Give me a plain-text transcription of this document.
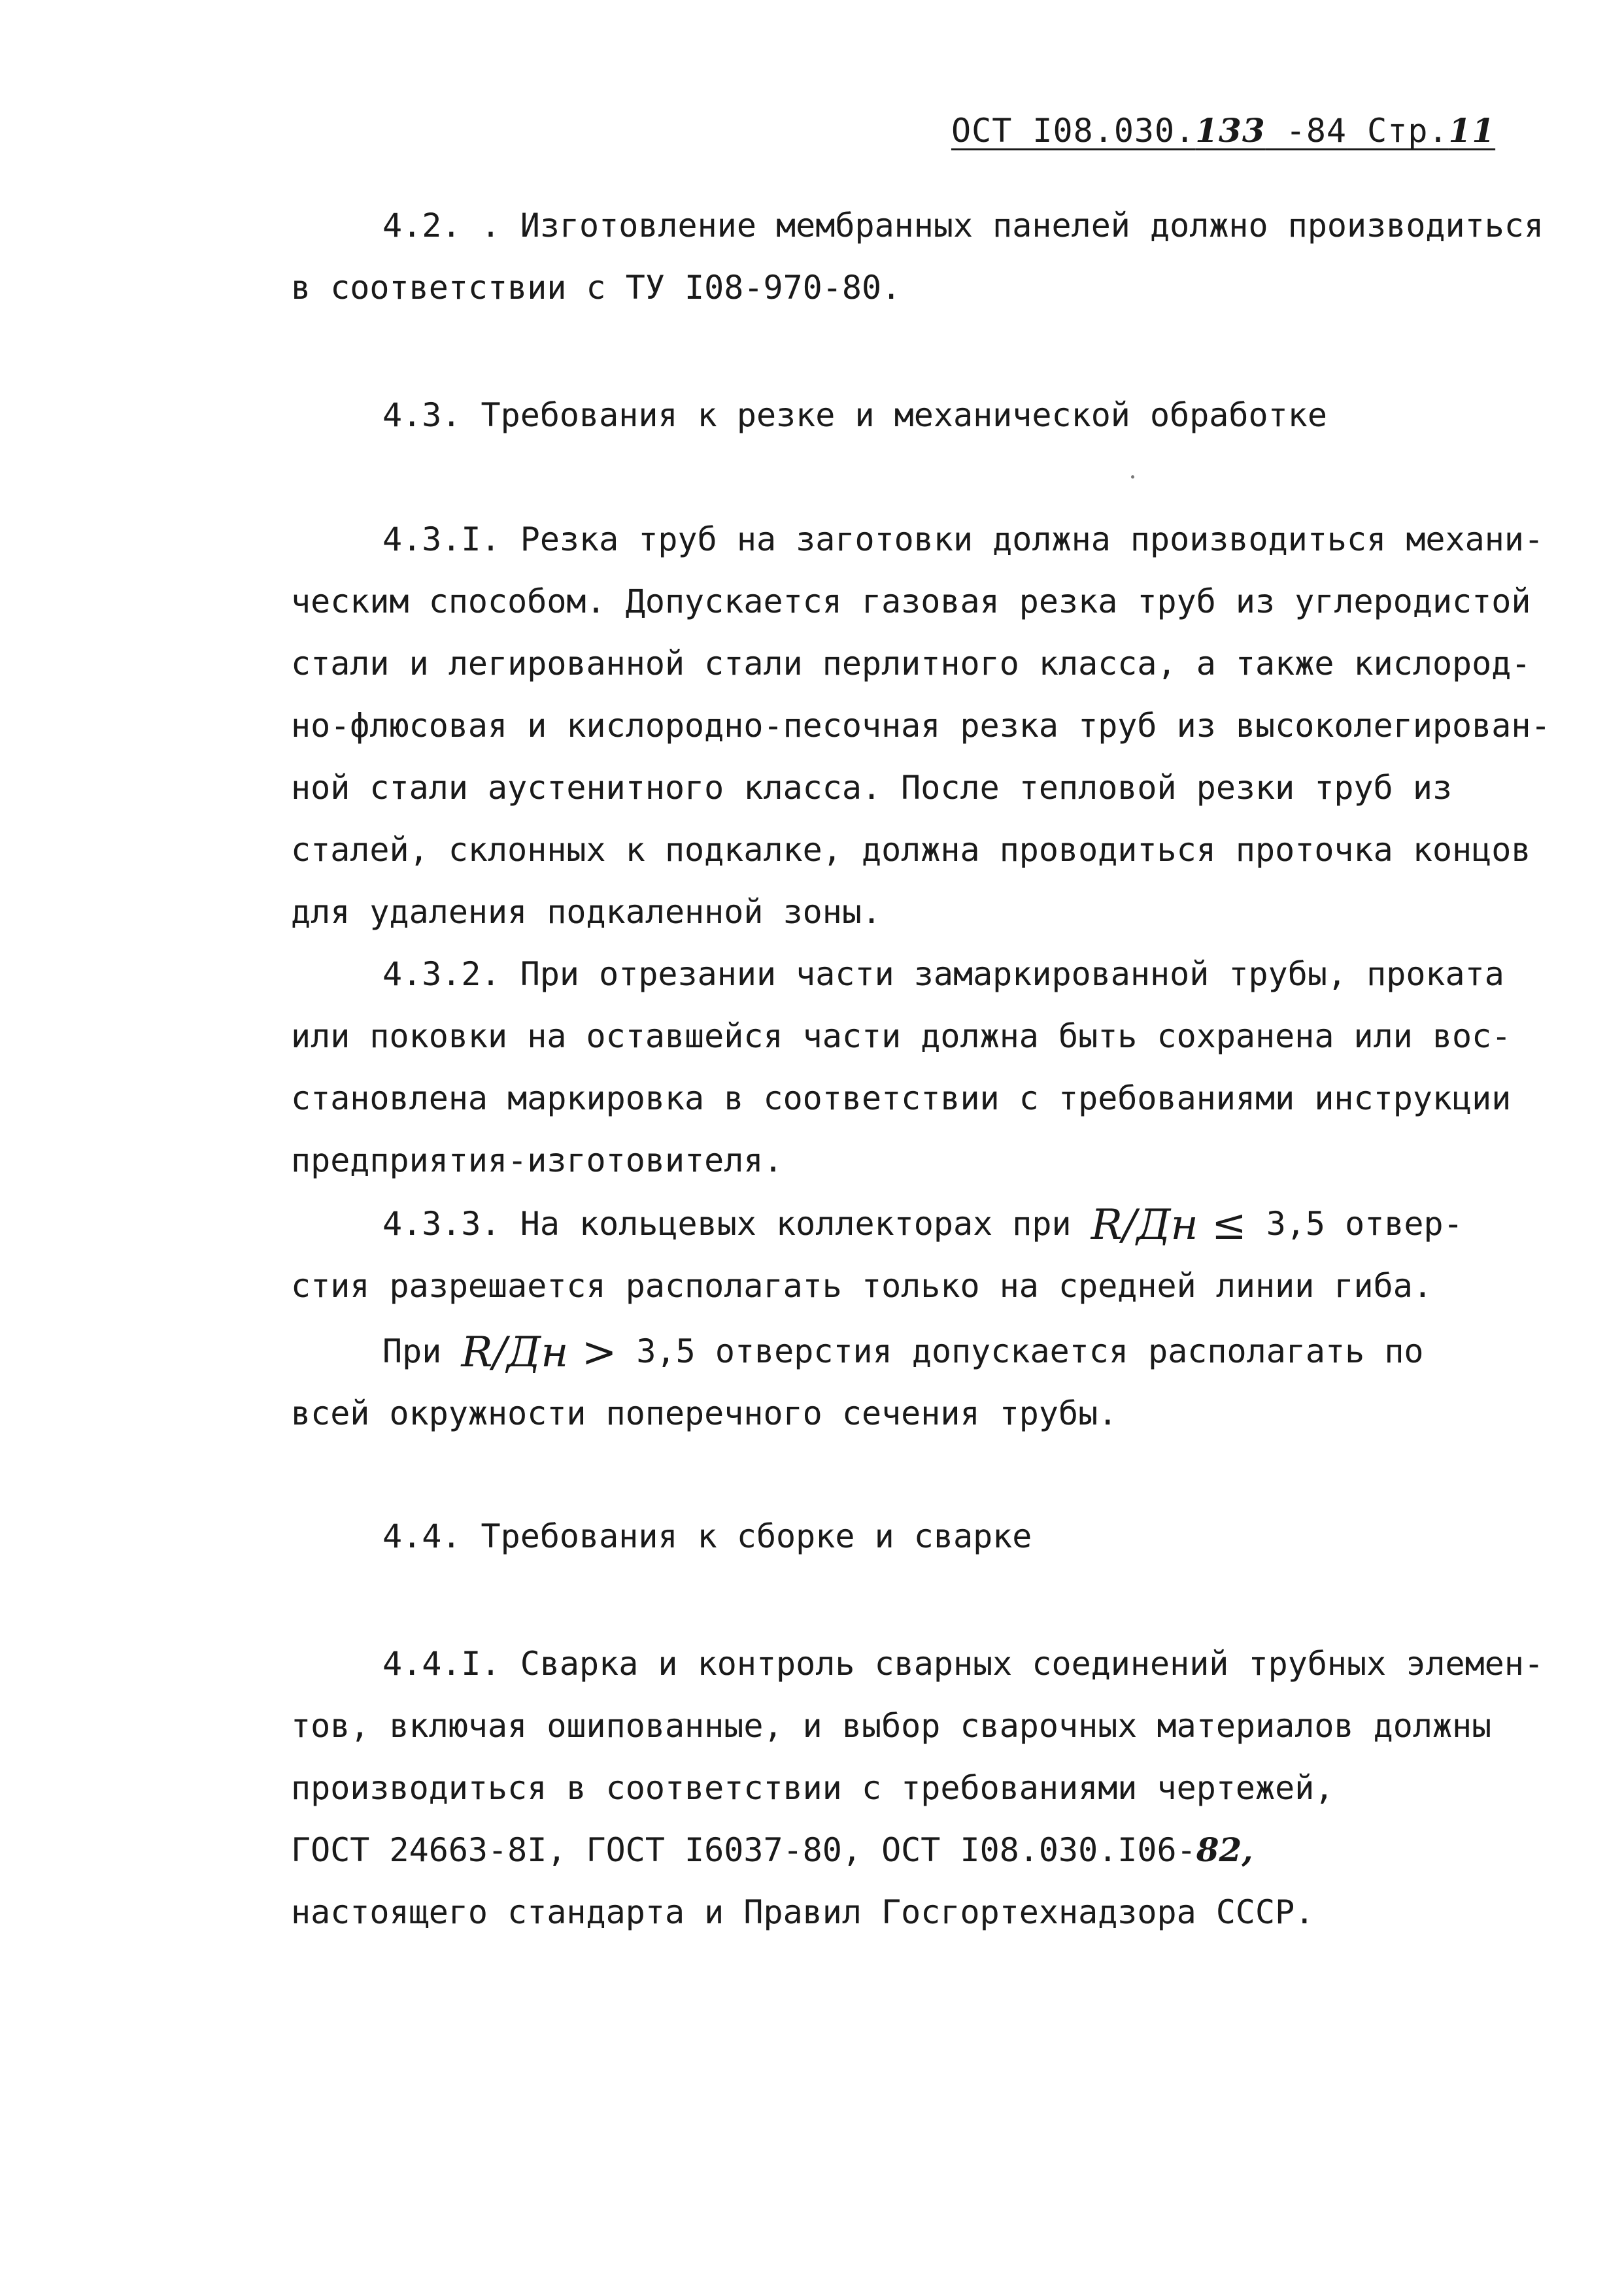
ОСТ I08.030.133 -84 Стр.11
4.2. . Изготовление мембранных панелей должно производиться
в соответствии с ТУ I08-970-80.
4.3. Требования к резке и механической обработке
4.3.I. Резка труб на заготовки должна производиться механи-
ческим способом. Допускается газовая резка труб из углеродистой
стали и легированной стали перлитного класса, а также кислород-
но-флюсовая и кислородно-песочная резка труб из высоколегирован-
ной стали аустенитного класса. После тепловой резки труб из
сталей, склонных к подкалке, должна проводиться проточка концов
для удаления подкаленной зоны.
4.3.2. При отрезании части замаркированной трубы, проката
или поковки на оставшейся части должна быть сохранена или вос-
становлена маркировка в соответствии с требованиями инструкции
предприятия-изготовителя.
4.3.3. На кольцевых коллекторах при R/Дн ≤ 3,5 отвер-
стия разрешается располагать только на средней линии гиба.
При R/Дн > 3,5 отверстия допускается располагать по
всей окружности поперечного сечения трубы.
4.4. Требования к сборке и сварке
4.4.I. Сварка и контроль сварных соединений трубных элемен-
тов, включая ошипованные, и выбор сварочных материалов должны
производиться в соответствии с требованиями чертежей,
ГОСТ 24663-8I, ГОСТ I6037-80, ОСТ I08.030.I06-82,
настоящего стандарта и Правил Госгортехнадзора СССР.
